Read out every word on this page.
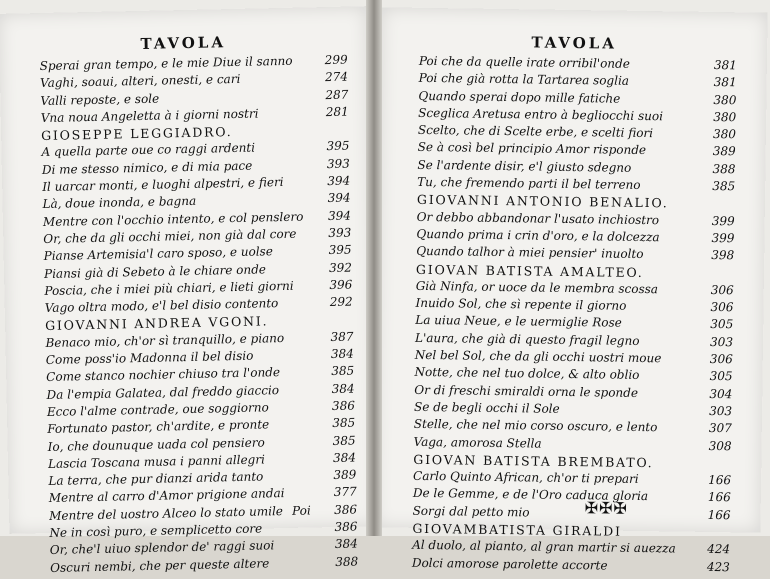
TAVOLA
Sperai gran tempo, e le mie Diue il sanno	299
Vaghi, soaui, alteri, onesti, e cari	274
Valli reposte, e sole	287
Vna noua Angeletta à i giorni nostri	281
GIOSEPPE LEGGIADRO.
A quella parte oue co raggi ardenti	395
Di me stesso nimico, e di mia pace	393
Il uarcar monti, e luoghi alpestri, e fieri	394
Là, doue inonda, e bagna	394
Mentre con l'occhio intento, e col penslero 394
Or, che da gli occhi miei, non già dal core	393
Pianse Artemisia'l caro sposo, e uolse	395
Piansi già di Sebeto à le chiare onde	392
Poscia, che i miei più chiari, e lieti giorni	396
Vago oltra modo, e'l bel disio contento	292
GIOVANNI ANDREA VGONI.
Benaco mio, ch'or sì tranquillo, e piano	387
Come poss'io Madonna il bel disio	384
Come stanco nochier chiuso tra l'onde	385
Da l'empia Galatea, dal freddo giaccio	384
Ecco l'alme contrade, oue soggiorno	386
Fortunato pastor, ch'ardite, e pronte	385
Io, che dounuque uada col pensiero	385
Lascia Toscana musa i panni allegri	384
La terra, che pur dianzi arida tanto	389
Mentre al carro d'Amor prigione andai	377
Mentre del uostro Alceo lo stato umile	386
Ne in così puro, e semplicetto core	386
Or, che'l uiuo splendor de' raggi suoi	384
Oscuri nembi, che per queste altere	388
Poi
TAVOLA
Poi che da quelle irate orribil'onde	381
Poi che già rotta la Tartarea soglia	381
Quando sperai dopo mille fatiche	380
Sceglica Aretusa entro à begliocchi suoi	380
Scelto, che di Scelte erbe, e scelti fiori	380
Se à così bel principio Amor risponde	389
Se l'ardente disir, e'l giusto sdegno	388
Tu, che fremendo parti il bel terreno	385
GIOVANNI ANTONIO BENALIO.
Or debbo abbandonar l'usato inchiostro	399
Quando prima i crin d'oro, e la dolcezza	399
Quando talhor à miei pensier' inuolto	398
GIOVAN BATISTA AMALTEO.
Già Ninfa, or uoce da le membra scossa	306
Inuido Sol, che sì repente il giorno	306
La uiua Neue, e le uermiglie Rose	305
L'aura, che già di questo fragil legno	303
Nel bel Sol, che da gli occhi uostri moue	306
Notte, che nel tuo dolce, & alto oblio	305
Or di freschi smiraldi orna le sponde	304
Se de begli occhi il Sole	303
Stelle, che nel mio corso oscuro, e lento	307
Vaga, amorosa Stella	308
GIOVAN BATISTA BREMBATO.
Carlo Quinto African, ch'or ti prepari	166
De le Gemme, e de l'Oro caduca gloria	166
Sorgi dal petto mio	166
GIOVAMBATISTA GIRALDI
Al duolo, al pianto, al gran martir si auezza	424
Dolci amorose parolette accorte	423
✠✠✠
